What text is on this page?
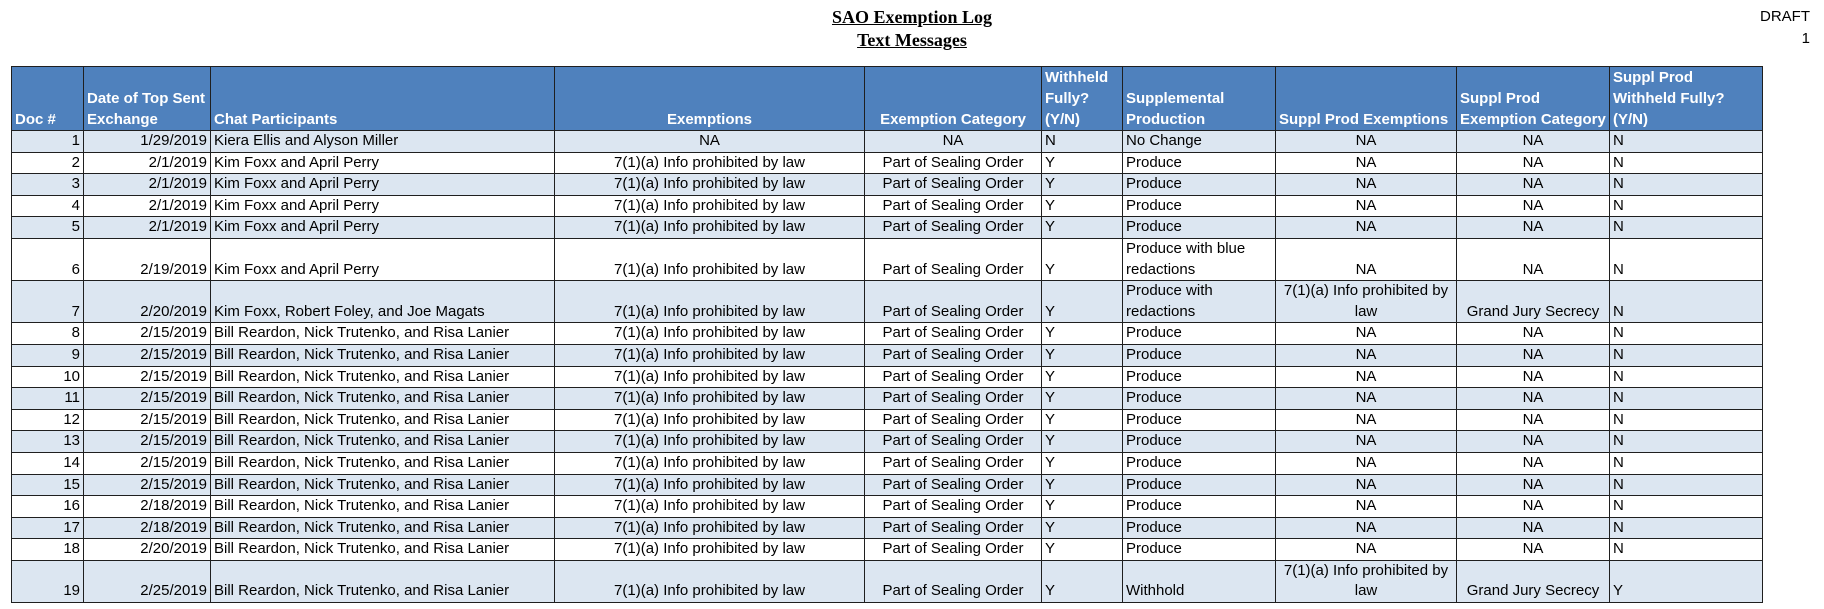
SAO Exemption Log
Text Messages
DRAFT
1
Doc #	Date of Top Sent Exchange	Chat Participants	Exemptions	Exemption Category	Withheld Fully? (Y/N)	Supplemental Production	Suppl Prod Exemptions	Suppl Prod Exemption Category	Suppl Prod Withheld Fully? (Y/N)
1	1/29/2019	Kiera Ellis and Alyson Miller	NA	NA	N	No Change	NA	NA	N
2	2/1/2019	Kim Foxx and April Perry	7(1)(a) Info prohibited by law	Part of Sealing Order	Y	Produce	NA	NA	N
3	2/1/2019	Kim Foxx and April Perry	7(1)(a) Info prohibited by law	Part of Sealing Order	Y	Produce	NA	NA	N
4	2/1/2019	Kim Foxx and April Perry	7(1)(a) Info prohibited by law	Part of Sealing Order	Y	Produce	NA	NA	N
5	2/1/2019	Kim Foxx and April Perry	7(1)(a) Info prohibited by law	Part of Sealing Order	Y	Produce	NA	NA	N
6	2/19/2019	Kim Foxx and April Perry	7(1)(a) Info prohibited by law	Part of Sealing Order	Y	Produce with blue redactions	NA	NA	N
7	2/20/2019	Kim Foxx, Robert Foley, and Joe Magats	7(1)(a) Info prohibited by law	Part of Sealing Order	Y	Produce with redactions	7(1)(a) Info prohibited by law	Grand Jury Secrecy	N
8	2/15/2019	Bill Reardon, Nick Trutenko, and Risa Lanier	7(1)(a) Info prohibited by law	Part of Sealing Order	Y	Produce	NA	NA	N
9	2/15/2019	Bill Reardon, Nick Trutenko, and Risa Lanier	7(1)(a) Info prohibited by law	Part of Sealing Order	Y	Produce	NA	NA	N
10	2/15/2019	Bill Reardon, Nick Trutenko, and Risa Lanier	7(1)(a) Info prohibited by law	Part of Sealing Order	Y	Produce	NA	NA	N
11	2/15/2019	Bill Reardon, Nick Trutenko, and Risa Lanier	7(1)(a) Info prohibited by law	Part of Sealing Order	Y	Produce	NA	NA	N
12	2/15/2019	Bill Reardon, Nick Trutenko, and Risa Lanier	7(1)(a) Info prohibited by law	Part of Sealing Order	Y	Produce	NA	NA	N
13	2/15/2019	Bill Reardon, Nick Trutenko, and Risa Lanier	7(1)(a) Info prohibited by law	Part of Sealing Order	Y	Produce	NA	NA	N
14	2/15/2019	Bill Reardon, Nick Trutenko, and Risa Lanier	7(1)(a) Info prohibited by law	Part of Sealing Order	Y	Produce	NA	NA	N
15	2/15/2019	Bill Reardon, Nick Trutenko, and Risa Lanier	7(1)(a) Info prohibited by law	Part of Sealing Order	Y	Produce	NA	NA	N
16	2/18/2019	Bill Reardon, Nick Trutenko, and Risa Lanier	7(1)(a) Info prohibited by law	Part of Sealing Order	Y	Produce	NA	NA	N
17	2/18/2019	Bill Reardon, Nick Trutenko, and Risa Lanier	7(1)(a) Info prohibited by law	Part of Sealing Order	Y	Produce	NA	NA	N
18	2/20/2019	Bill Reardon, Nick Trutenko, and Risa Lanier	7(1)(a) Info prohibited by law	Part of Sealing Order	Y	Produce	NA	NA	N
19	2/25/2019	Bill Reardon, Nick Trutenko, and Risa Lanier	7(1)(a) Info prohibited by law	Part of Sealing Order	Y	Withhold	7(1)(a) Info prohibited by law	Grand Jury Secrecy	Y
